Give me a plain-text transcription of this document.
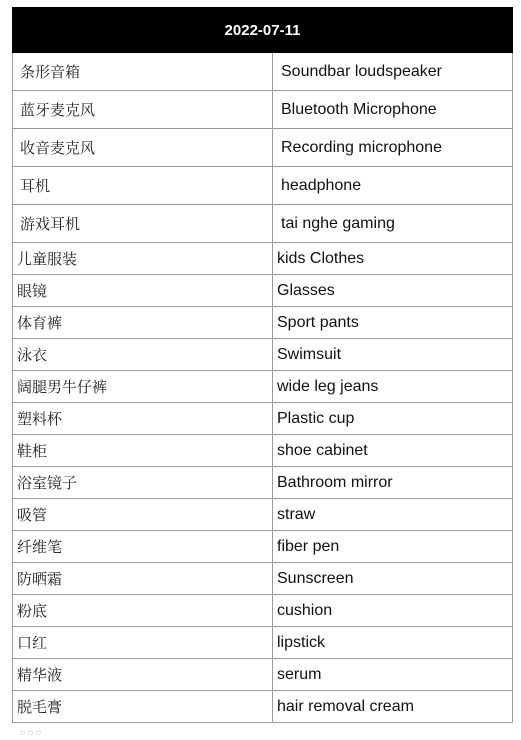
2022-07-11	
条形音箱	Soundbar loudspeaker
蓝牙麦克风	Bluetooth Microphone
收音麦克风	Recording microphone
耳机	headphone
游戏耳机	tai nghe gaming
儿童服装	kids Clothes
眼镜	Glasses
体育裤	Sport pants
泳衣	Swimsuit
阔腿男牛仔裤	wide leg jeans
塑料杯	Plastic cup
鞋柜	shoe cabinet
浴室镜子	Bathroom mirror
吸管	straw
纤维笔	fiber pen
防晒霜	Sunscreen
粉底	cushion
口红	lipstick
精华液	serum
脱毛膏	hair removal cream
▫ ▫ ▫
